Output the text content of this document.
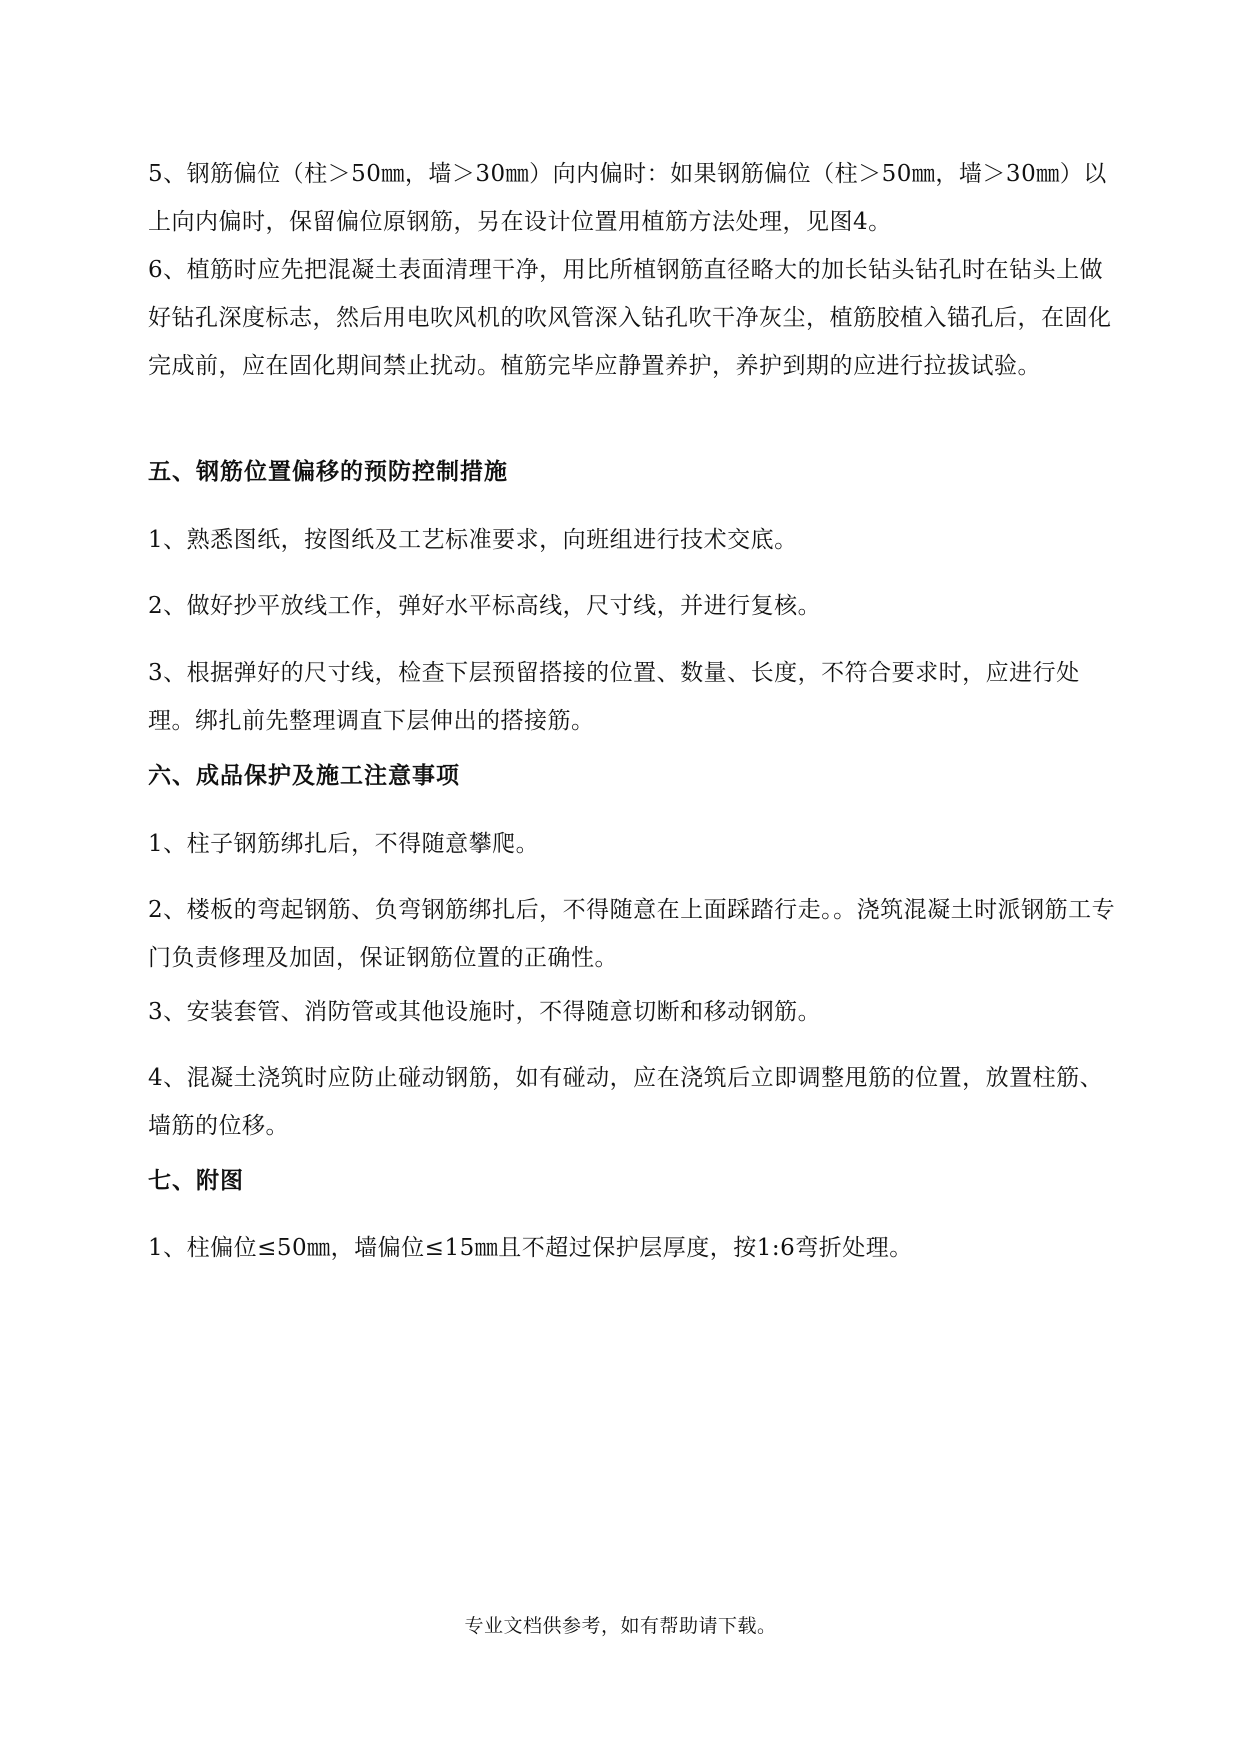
5、钢筋偏位（柱＞50㎜，墙＞30㎜）向内偏时：如果钢筋偏位（柱＞50㎜，墙＞30㎜）以上向内偏时，保留偏位原钢筋，另在设计位置用植筋方法处理，见图4。

6、植筋时应先把混凝土表面清理干净，用比所植钢筋直径略大的加长钻头钻孔时在钻头上做好钻孔深度标志，然后用电吹风机的吹风管深入钻孔吹干净灰尘，植筋胶植入锚孔后，在固化完成前，应在固化期间禁止扰动。植筋完毕应静置养护，养护到期的应进行拉拔试验。

五、钢筋位置偏移的预防控制措施

1、熟悉图纸，按图纸及工艺标准要求，向班组进行技术交底。

2、做好抄平放线工作，弹好水平标高线，尺寸线，并进行复核。

3、根据弹好的尺寸线，检查下层预留搭接的位置、数量、长度，不符合要求时，应进行处理。绑扎前先整理调直下层伸出的搭接筋。

六、成品保护及施工注意事项

1、柱子钢筋绑扎后，不得随意攀爬。

2、楼板的弯起钢筋、负弯钢筋绑扎后，不得随意在上面踩踏行走。。浇筑混凝土时派钢筋工专门负责修理及加固，保证钢筋位置的正确性。

3、安装套管、消防管或其他设施时，不得随意切断和移动钢筋。

4、混凝土浇筑时应防止碰动钢筋，如有碰动，应在浇筑后立即调整甩筋的位置，放置柱筋、墙筋的位移。

七、附图

1、柱偏位≤50㎜，墙偏位≤15㎜且不超过保护层厚度，按1:6弯折处理。

专业文档供参考，如有帮助请下载。
